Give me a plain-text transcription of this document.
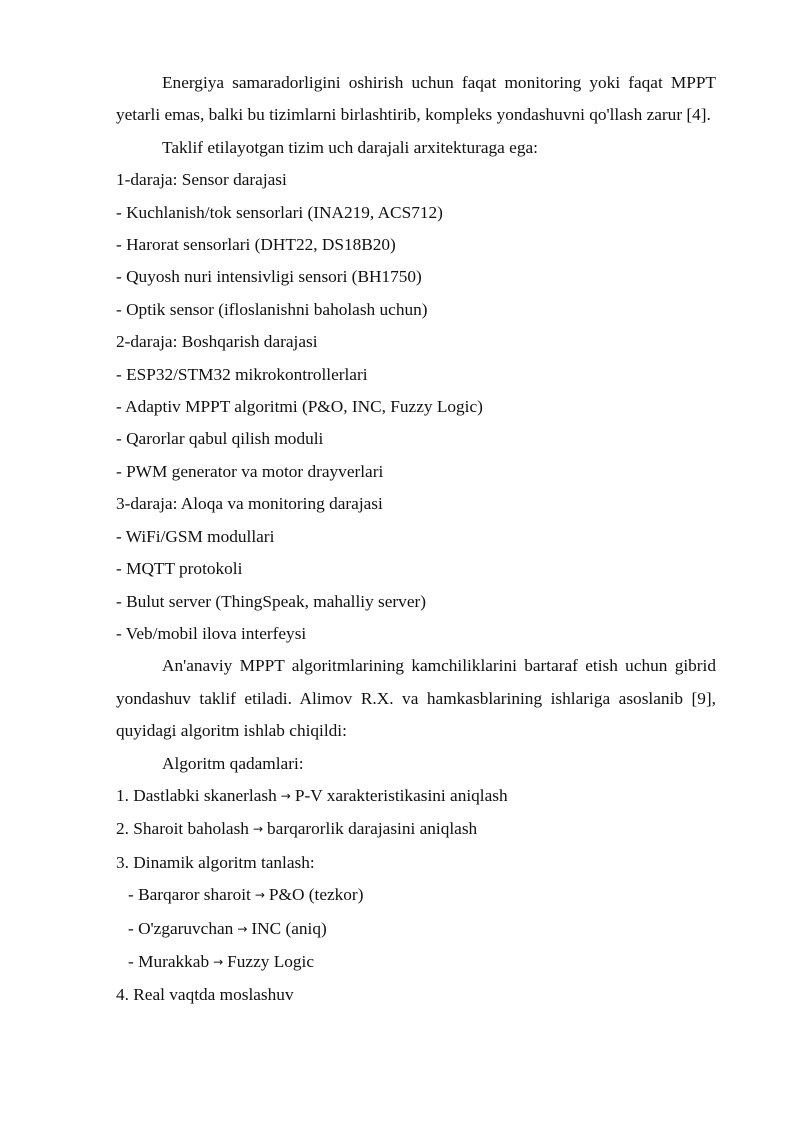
Energiya samaradorligini oshirish uchun faqat monitoring yoki faqat MPPT yetarli emas, balki bu tizimlarni birlashtirib, kompleks yondashuvni qo'llash zarur [4].

Taklif etilayotgan tizim uch darajali arxitekturaga ega:

1-daraja: Sensor darajasi

- Kuchlanish/tok sensorlari (INA219, ACS712)

- Harorat sensorlari (DHT22, DS18B20)

- Quyosh nuri intensivligi sensori (BH1750)

- Optik sensor (ifloslanishni baholash uchun)

2-daraja: Boshqarish darajasi

- ESP32/STM32 mikrokontrollerlari

- Adaptiv MPPT algoritmi (P&O, INC, Fuzzy Logic)

- Qarorlar qabul qilish moduli

- PWM generator va motor drayverlari

3-daraja: Aloqa va monitoring darajasi

- WiFi/GSM modullari

- MQTT protokoli

- Bulut server (ThingSpeak, mahalliy server)

- Veb/mobil ilova interfeysi

An'anaviy MPPT algoritmlarining kamchiliklarini bartaraf etish uchun gibrid yondashuv taklif etiladi. Alimov R.X. va hamkasblarining ishlariga asoslanib [9], quyidagi algoritm ishlab chiqildi:

Algoritm qadamlari:

1. Dastlabki skanerlash → P-V xarakteristikasini aniqlash

2. Sharoit baholash → barqarorlik darajasini aniqlash

3. Dinamik algoritm tanlash:

- Barqaror sharoit → P&O (tezkor)

- O'zgaruvchan → INC (aniq)

- Murakkab → Fuzzy Logic

4. Real vaqtda moslashuv
